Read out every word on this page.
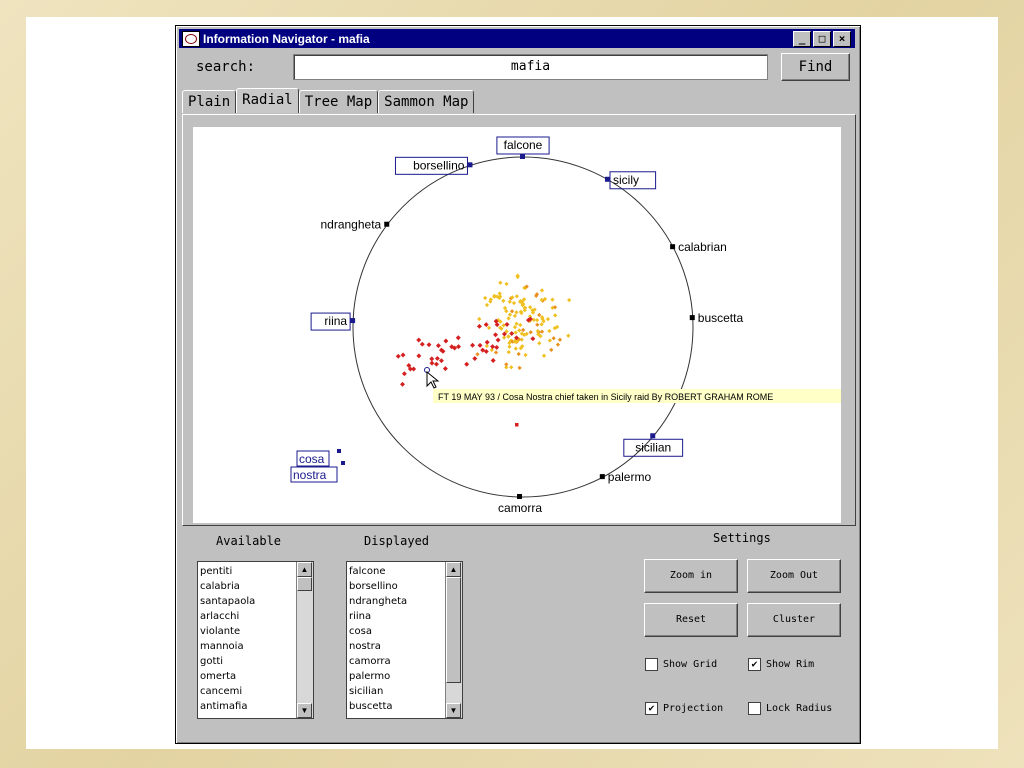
Information Navigator - mafia	_	□	×
search:	mafia	Find
Plain Radial Tree Map Sammon Map
falcone
sicily
calabrian
buscetta
sicilian
palermo
camorra
riina
ndrangheta
borsellino
cosa
nostra
FT 19 MAY 93 / Cosa Nostra chief taken in Sicily raid By ROBERT GRAHAM ROME
Available
pentiti
calabria
santapaola
arlacchi
violante
mannoia
gotti
omerta
cancemi
antimafia
▲
▼
Displayed
falcone
borsellino
ndrangheta
riina
cosa
nostra
camorra
palermo
sicilian
buscetta
▲
▼
Settings
Zoom in	Zoom Out
Reset	Cluster
Show Grid	✔ Show Rim
✔ Projection	Lock Radius
